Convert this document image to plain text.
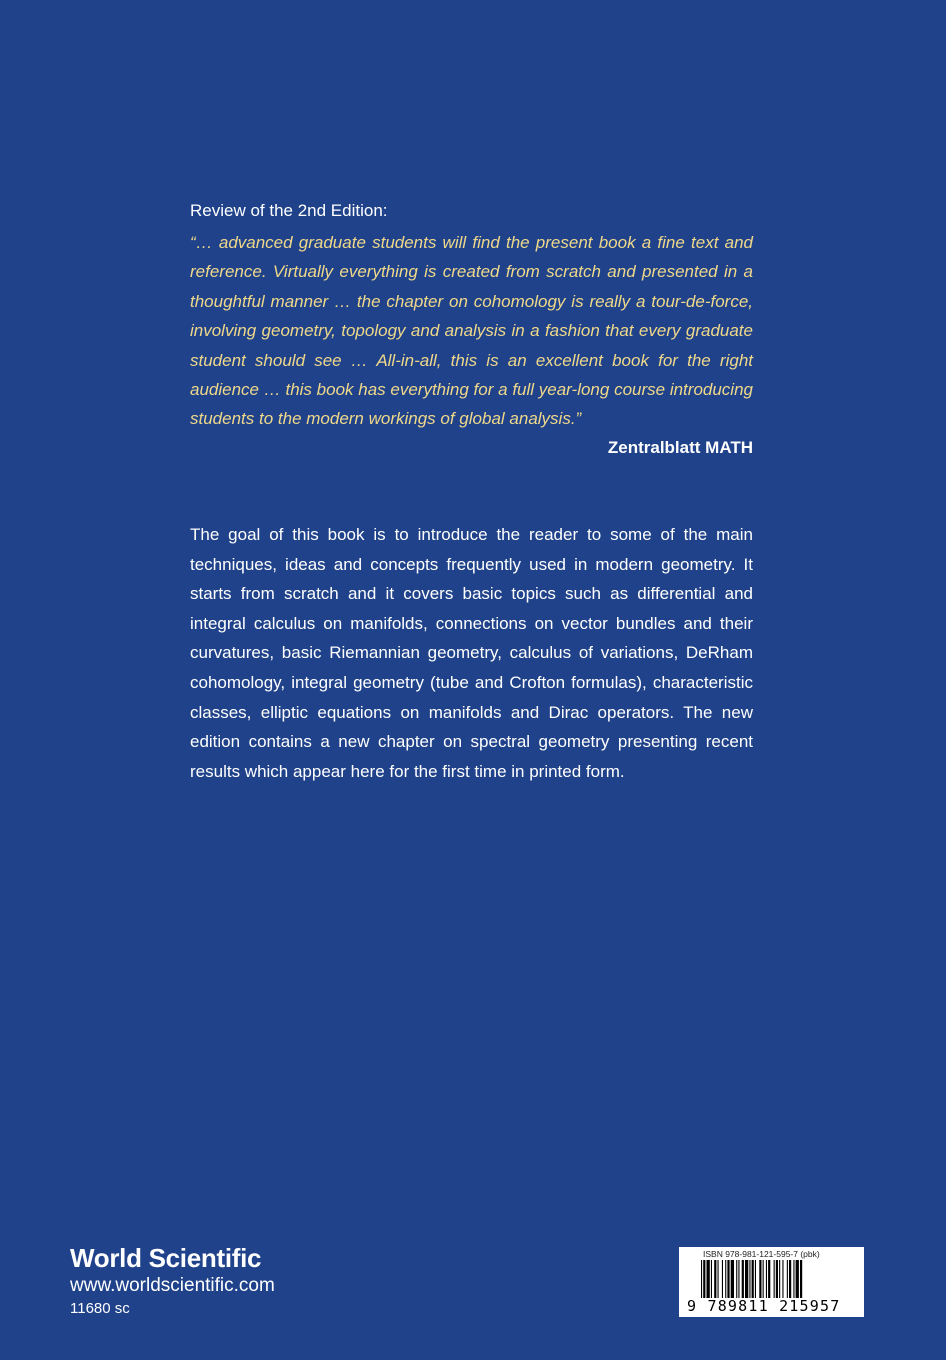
Review of the 2nd Edition:

“… advanced graduate students will find the present book a fine text and reference. Virtually everything is created from scratch and presented in a thoughtful manner … the chapter on cohomology is really a tour-de-force, involving geometry, topology and analysis in a fashion that every graduate student should see … All-in-all, this is an excellent book for the right audience … this book has everything for a full year-long course introducing students to the modern workings of global analysis.”

Zentralblatt MATH

The goal of this book is to introduce the reader to some of the main techniques, ideas and concepts frequently used in modern geometry. It starts from scratch and it covers basic topics such as differential and integral calculus on manifolds, connections on vector bundles and their curvatures, basic Riemannian geometry, calculus of variations, DeRham cohomology, integral geometry (tube and Crofton formulas), characteristic classes, elliptic equations on manifolds and Dirac operators. The new edition contains a new chapter on spectral geometry presenting recent results which appear here for the first time in printed form.

World Scientific
www.worldscientific.com
11680 sc
ISBN 978-981-121-595-7 (pbk)
9 789811 215957
